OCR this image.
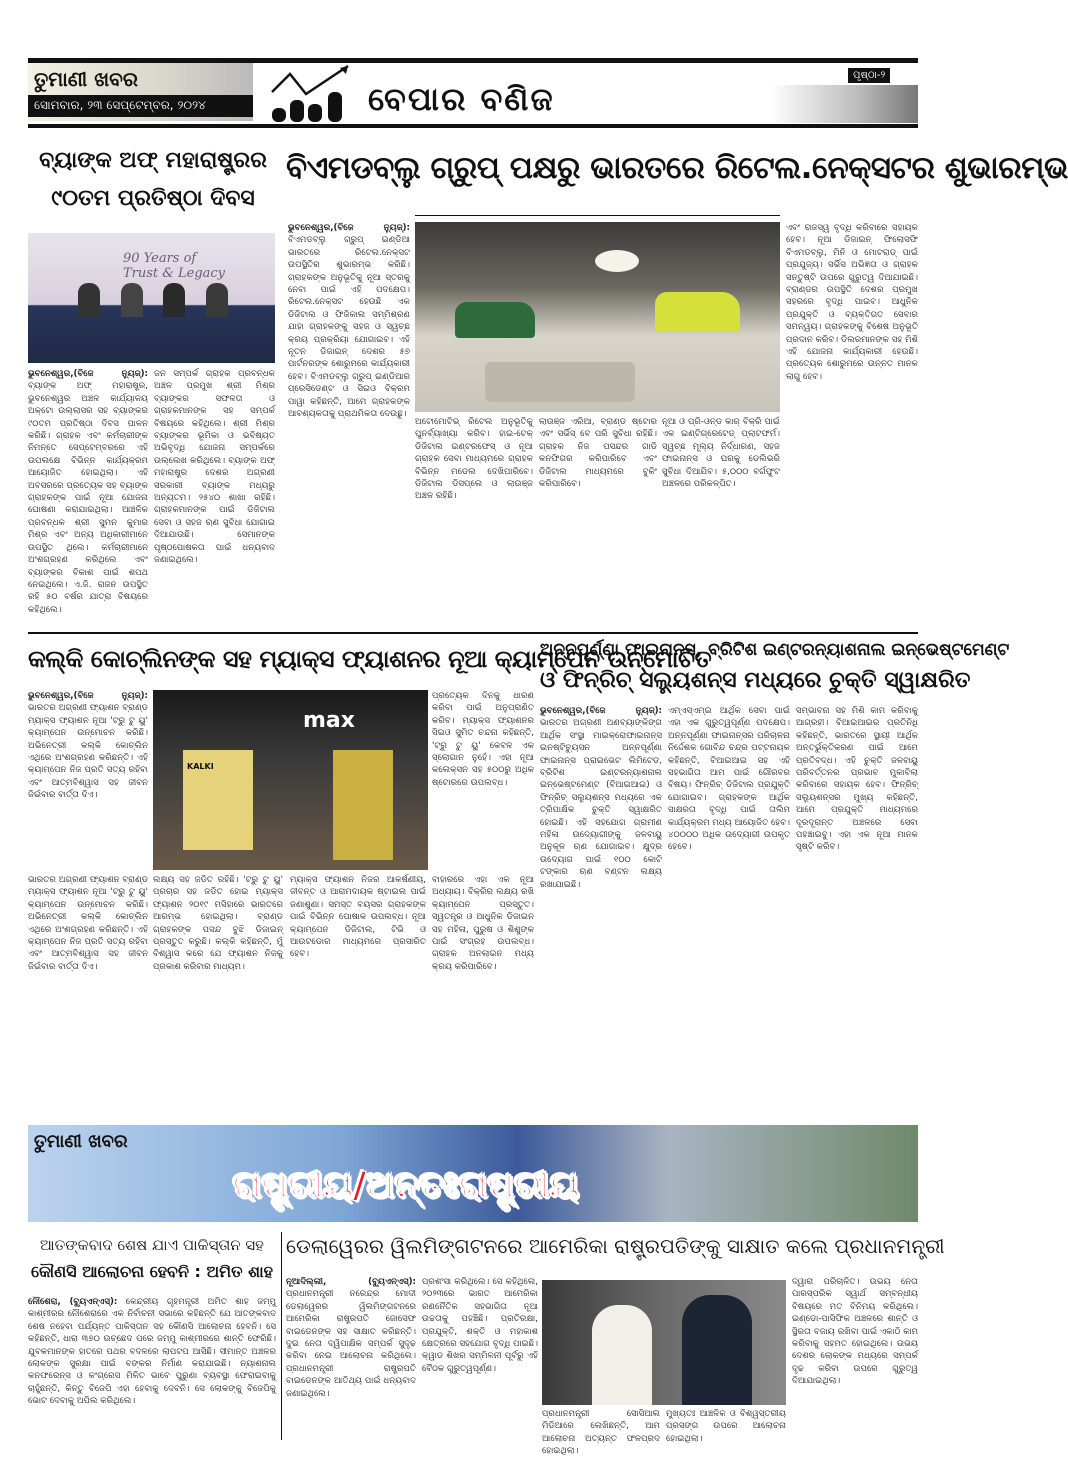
ତୁମାଣୀ ଖବର
ସୋମବାର, ୨୩ ସେପ୍ଟେମ୍ବର, ୨୦୨୪	ବେପାର ବଣିଜ
ପୃଷ୍ଠା-୨
ବ୍ୟାଙ୍କ ଅଫ୍ ମହାରାଷ୍ଟ୍ରର
୯୦ତମ ପ୍ରତିଷ୍ଠା ଦିବସ
90 Years of Trust & Legacy
ଭୁବନେଶ୍ୱର,(ବିଜେ ନ୍ୟୁଜ୍): ବ୍ୟାଙ୍କ ଅଫ୍ ମହାରାଷ୍ଟ୍ର, ଭୁବନେଶ୍ୱର ଅଞ୍ଚଳ କାର୍ଯ୍ୟାଳୟ ଅକ୍ଟୋ ଉଲ୍ଲାସର ସହ ବ୍ୟାଙ୍କର ୯୦ତମ ପ୍ରତିଷ୍ଠା ଦିବସ ପାଳନ କରିଛି। ଗ୍ରାହକ ଏବଂ କର୍ମଚାରୀଙ୍କ ନିମନ୍ତେ ସେପ୍ଟେମ୍ବରରେ ଏହି ଉପଲକ୍ଷେ ବିଭିନ୍ନ କାର୍ଯ୍ୟକ୍ରମ ଆୟୋଜିତ ହୋଇଥିଲା। ଏହି ଅବସରରେ ପ୍ରତ୍ୟେକ ସହ ବ୍ୟାଙ୍କ ଗ୍ରାହକଙ୍କ ପାଇଁ ନୂଆ ଯୋଜନା ଘୋଷଣା କରାଯାଇଥିଲା। ଆଞ୍ଚଳିକ ପ୍ରବନ୍ଧକ ଶ୍ରୀ ସୁମନ କୁମାର ମିଶ୍ର ଏବଂ ଅନ୍ୟ ଅଧିକାରୀମାନେ ଉପସ୍ଥିତ ଥିଲେ। କର୍ମଚାରୀମାନେ ଅଂଶଗ୍ରହଣ କରିଥିଲେ ଏବଂ ବ୍ୟାଙ୍କର ବିକାଶ ପାଇଁ ଶପଥ ନେଇଥିଲେ। ଏ.ଜି. ରାଜନ ଉପସ୍ଥିତ ରହି ୫୦ ବର୍ଷର ଯାତ୍ରା ବିଷୟରେ କହିଥିଲେ।
ଜନ ସମ୍ପର୍କ ଗ୍ରାହକ ପ୍ରବନ୍ଧକ ଅଞ୍ଚଳ ପ୍ରମୁଖ ଶ୍ରୀ ମିଶ୍ର ବ୍ୟାଙ୍କର ସଫଳତା ଓ ଗ୍ରାହକମାନଙ୍କ ସହ ସମ୍ପର୍କ ବିଷୟରେ କହିଥିଲେ। ଶ୍ରୀ ମିଶ୍ର ବ୍ୟାଙ୍କର ଭୂମିକା ଓ ଭବିଷ୍ୟତ ଅଭିବୃଦ୍ଧି ଯୋଜନା ସମ୍ପର୍କରେ ଉଲ୍ଲେଖ କରିଥିଲେ। ବ୍ୟାଙ୍କ ଅଫ୍ ମହାରାଷ୍ଟ୍ର ଦେଶର ଅଗ୍ରଣୀ ସରକାରୀ ବ୍ୟାଙ୍କ ମଧ୍ୟରୁ ଅନ୍ୟତମ। ୨୫୪୦ ଶାଖା ରହିଛି। ଗ୍ରାହକମାନଙ୍କ ପାଇଁ ଡିଜିଟାଲ ସେବା ଓ ସହଜ ଋଣ ସୁବିଧା ଯୋଗାଇ ଦିଆଯାଉଛି। ସେମାନଙ୍କ ପୃଷ୍ଠପୋଷକତା ପାଇଁ ଧନ୍ୟବାଦ ଜଣାଇଥିଲେ।
ବିଏମଡବ୍ଲୁ ଗ୍ରୁପ୍ ପକ୍ଷରୁ ଭାରତରେ ରିଟେଲ.ନେକ୍ସଟର ଶୁଭାରମ୍ଭ
ଭୁବନେଶ୍ୱର,(ବିଜେ ନ୍ୟୁଜ୍): ବିଏମଡବ୍ଲୁ ଗ୍ରୁପ୍ ଇଣ୍ଡିଆ ଭାରତରେ ରିଟେଲ.ନେକ୍ସଟ ଉପସ୍ଥିତିର ଶୁଭାରମ୍ଭ କରିଛି। ଗ୍ରାହକଙ୍କ ଅନୁଭୂତିକୁ ନୂଆ ସ୍ତରକୁ ନେବା ପାଇଁ ଏହି ପଦକ୍ଷେପ। ରିଟେଲ.ନେକ୍ସଟ ହେଉଛି ଏକ ଡିଜିଟାଲ ଓ ଫିଜିକାଲ ସମ୍ମିଶ୍ରଣ ଯାହା ଗ୍ରାହକଙ୍କୁ ସହଜ ଓ ସ୍ୱଚ୍ଛ କ୍ରୟ ପ୍ରକ୍ରିୟା ଯୋଗାଇବ। ଏହି ନୂତନ ଡିଜାଇନ୍ ଦେଶର ୫୭ ପାର୍ଟନରଙ୍କ ଶୋରୁମରେ କାର୍ଯ୍ୟକାରୀ ହେବ। ବିଏମଡବ୍ଲୁ ଗ୍ରୁପ୍ ଇଣ୍ଡିଆର ପ୍ରେସିଡେଣ୍ଟ ଓ ସିଇଓ ବିକ୍ରମ ପାୱା କହିଛନ୍ତି, ଆମେ ଗ୍ରାହକଙ୍କ ଆବଶ୍ୟକତାକୁ ପ୍ରାଥମିକତା ଦେଉଛୁ।
ଅଟୋମୋଟିଭ୍ ରିଟେଲ ଅନୁଭୂତିକୁ ପୁନର୍ବ୍ୟାଖ୍ୟା କରିବ। ହାଇ-ଟେକ୍ ଡିଜିଟାଲ ଇଣ୍ଟରଫେସ୍ ଓ ନୂଆ ଗ୍ରାହକ ସେବା ମାଧ୍ୟମରେ ଗ୍ରାହକ ବିଭିନ୍ନ ମଡେଲ ଦେଖିପାରିବେ। ଡିଜିଟାଲ ଡିସପ୍ଲେ ଓ ଲାଉଞ୍ଜ ଅଞ୍ଚଳ ରହିଛି।
ଲାଉଞ୍ଜ ଏରିଆ, ବ୍ରାଣ୍ଡ ଷ୍ଟୋର ଏବଂ ସର୍ଭିସ୍ ବେ ପରି ସୁବିଧା ରହିଛି। ଗ୍ରାହକ ନିଜ ପସନ୍ଦର ଗାଡି କନଫିଗର କରିପାରିବେ ଏବଂ ଡିଜିଟାଲ ମାଧ୍ୟମରେ ବୁକିଂ କରିପାରିବେ।
ନୂଆ ଓ ପ୍ରି-ଓନ୍ଡ କାର୍ ବିକ୍ରି ପାଇଁ ଏକ ଇଣ୍ଟିଗ୍ରେଟେଡ୍ ପ୍ଲାଟଫର୍ମ। ସ୍ୱଚ୍ଛ ମୂଲ୍ୟ ନିର୍ଦ୍ଧାରଣ, ସହଜ ଫାଇନାନ୍ସ ଓ ଘରକୁ ଡେଲିଭରି ସୁବିଧା ଦିଆଯିବ। ୫,୦୦୦ ବର୍ଗଫୁଟ ଅଞ୍ଚଳରେ ପରିକଳ୍ପିତ।
ଏବଂ ରାଜସ୍ୱ ବୃଦ୍ଧି କରିବାରେ ସହାୟକ ହେବ। ନୂଆ ଡିଜାଇନ୍ ଫିଲୋସଫି ବିଏମଡବ୍ଲୁ, ମିନି ଓ ମୋଟରାଡ୍ ପାଇଁ ପ୍ରଯୁଜ୍ୟ। ସର୍ଭିସ ଅଭିଜ୍ଞତା ଓ ଗ୍ରାହକ ସନ୍ତୁଷ୍ଟି ଉପରେ ଗୁରୁତ୍ୱ ଦିଆଯାଇଛି। ବ୍ରାଣ୍ଡର ଉପସ୍ଥିତି ଦେଶର ପ୍ରମୁଖ ସହରରେ ବୃଦ୍ଧି ପାଇବ। ଆଧୁନିକ ପ୍ରଯୁକ୍ତି ଓ ବ୍ୟକ୍ତିଗତ ସେବାର ସମନ୍ୱୟ। ଗ୍ରାହକଙ୍କୁ ବିଶେଷ ଅନୁଭୂତି ପ୍ରଦାନ କରିବ। ଡିଲରମାନଙ୍କ ସହ ମିଶି ଏହି ଯୋଜନା କାର୍ଯ୍ୟକାରୀ ହେଉଛି। ପ୍ରତ୍ୟେକ ଶୋରୁମରେ ଉନ୍ନତ ମାନକ ଲାଗୁ ହେବ।
କଲ୍କି କୋଚ୍‌ଲିନଙ୍କ ସହ ମ୍ୟାକ୍ସ ଫ୍ୟାଶନର ନୂଆ କ୍ୟାମ୍ପେନ ଉନ୍ମୋଚିତ
ଭୁବନେଶ୍ୱର,(ବିଜେ ନ୍ୟୁଜ୍): ଭାରତର ଅଗ୍ରଣୀ ଫ୍ୟାଶନ ବ୍ରାଣ୍ଡ ମ୍ୟାକ୍ସ ଫ୍ୟାଶନ ନୂଆ 'ଟ୍ରୁ ଟୁ ୟୁ' କ୍ୟାମ୍ପେନ ଉନ୍ମୋଚନ କରିଛି। ଅଭିନେତ୍ରୀ କଲ୍କି କୋଚ୍‌ଲିନ ଏଥିରେ ଅଂଶଗ୍ରହଣ କରିଛନ୍ତି। ଏହି କ୍ୟାମ୍ପେନ ନିଜ ପ୍ରତି ସତ୍ୟ ରହିବା ଏବଂ ଆତ୍ମବିଶ୍ୱାସ ସହ ଜୀବନ ଜିଇଁବାର ବାର୍ତ୍ତା ଦିଏ।
max
KALKI
ପ୍ରତ୍ୟେକ ଦିନକୁ ଧାରଣ କରିବା ପାଇଁ ଅନୁପ୍ରାଣିତ କରିବ। ମ୍ୟାକ୍ସ ଫ୍ୟାଶନର ସିଇଓ ସୁମିତ ଚନ୍ଦନା କହିଛନ୍ତି, 'ଟ୍ରୁ ଟୁ ୟୁ' କେବଳ ଏକ ସ୍ଲୋଗାନ ନୁହେଁ। ଏହା ନୂଆ କଲେକ୍ସନ ସହ ୫୦୦ରୁ ଅଧିକ ଷ୍ଟୋରରେ ଉପଲବ୍ଧ।
ଭାରତର ଅଗ୍ରଣୀ ଫ୍ୟାଶନ ବ୍ରାଣ୍ଡ ମ୍ୟାକ୍ସ ଫ୍ୟାଶନ ନୂଆ 'ଟ୍ରୁ ଟୁ ୟୁ' କ୍ୟାମ୍ପେନ ଉନ୍ମୋଚନ କରିଛି। ଅଭିନେତ୍ରୀ କଲ୍କି କୋଚ୍‌ଲିନ ଏଥିରେ ଅଂଶଗ୍ରହଣ କରିଛନ୍ତି। ଏହି କ୍ୟାମ୍ପେନ ନିଜ ପ୍ରତି ସତ୍ୟ ରହିବା ଏବଂ ଆତ୍ମବିଶ୍ୱାସ ସହ ଜୀବନ ଜିଇଁବାର ବାର୍ତ୍ତା ଦିଏ।
ଲକ୍ଷ୍ୟ ସହ ଜଡିତ ରହିଛି। 'ଟ୍ରୁ ଟୁ ୟୁ' ପ୍ରଚାର ସହ ଜଡିତ ହୋଇ ମ୍ୟାକ୍ସ ଫ୍ୟାଶନ ୨୦୧୯ ମସିହାରେ ଭାରତରେ ଆରମ୍ଭ ହୋଇଥିଲା। ବ୍ରାଣ୍ଡ ଗ୍ରାହକଙ୍କ ପସନ୍ଦ ବୁଝି ଡିଜାଇନ୍ ପ୍ରସ୍ତୁତ କରୁଛି। କଲ୍କି କହିଛନ୍ତି, ମୁଁ ବିଶ୍ୱାସ କରେ ଯେ ଫ୍ୟାଶନ ନିଜକୁ ପ୍ରକାଶ କରିବାର ମାଧ୍ୟମ।
ମ୍ୟାକ୍ସ ଫ୍ୟାଶନ ନିଜର ଆକର୍ଷଣୀୟ, ଜୀବନ୍ତ ଓ ଆରାମଦାୟକ ଷ୍ଟାଇଲ ପାଇଁ ଜଣାଶୁଣା। ସମସ୍ତ ବୟସର ଗ୍ରାହକଙ୍କ ପାଇଁ ବିଭିନ୍ନ ପୋଷାକ ଉପଲବ୍ଧ। ନୂଆ କ୍ୟାମ୍ପେନ ଡିଜିଟାଲ, ଟିଭି ଓ ଆଉଟଡୋର ମାଧ୍ୟମରେ ପ୍ରସାରିତ ହେବ।
ବାହାରରେ ଏହା ଏକ ନୂଆ ଅଧ୍ୟାୟ। ବିକ୍ରିର ଲକ୍ଷ୍ୟ ରଖି କ୍ୟାମ୍ପେନ ପ୍ରସ୍ତୁତ। ସ୍ୱତନ୍ତ୍ର ଓ ଆଧୁନିକ ଡିଜାଇନ ସହ ମହିଳା, ପୁରୁଷ ଓ ଶିଶୁଙ୍କ ପାଇଁ ସଂଗ୍ରହ ଉପଲବ୍ଧ। ଗ୍ରାହକ ଅନଲାଇନ ମଧ୍ୟ କ୍ରୟ କରିପାରିବେ।
ଅନ୍ନପୂର୍ଣ୍ଣା ଫାଇନାନ୍ସ, ବ୍ରିଟିଶ ଇଣ୍ଟରନ୍ୟାଶନାଲ ଇନ୍‌ଭେଷ୍ଟମେଣ୍ଟ
ଓ ଫିନ୍‌ରିଚ୍ ସଲ୍ୟୁଶନ୍ସ ମଧ୍ୟରେ ଚୁକ୍ତି ସ୍ୱାକ୍ଷରିତ
ଭୁବନେଶ୍ୱର,(ବିଜେ ନ୍ୟୁଜ୍): ଭାରତର ଅଗ୍ରଣୀ ଅଣବ୍ୟାଙ୍କିଙ୍ଗ ଆର୍ଥିକ ସଂସ୍ଥା ମାଇକ୍ରୋଫାଇନାନ୍ସ ଇନଷ୍ଟିଚ୍ୟୁସନ ଅନ୍ନପୂର୍ଣ୍ଣା ଫାଇନାନ୍ସ ପ୍ରାଇଭେଟ ଲିମିଟେଡ, ବ୍ରିଟିଶ ଇଣ୍ଟରନ୍ୟାଶନାଲ ଇନ୍‌ଭେଷ୍ଟମେଣ୍ଟ (ବିଆଇଆଇ) ଓ ଫିନ୍‌ରିଚ୍ ସଲ୍ୟୁଶନ୍ସ ମଧ୍ୟରେ ଏକ ତ୍ରିପାକ୍ଷିକ ଚୁକ୍ତି ସ୍ୱାକ୍ଷରିତ ହୋଇଛି। ଏହି ସହଯୋଗ ଗ୍ରାମୀଣ ମହିଳା ଉଦ୍ୟୋଗୀଙ୍କୁ ଜଳବାୟୁ ଅନୁକୂଳ ଋଣ ଯୋଗାଇବ। କ୍ଷୁଦ୍ର ଉଦ୍ୟୋଗ ପାଇଁ ୧୦୦ କୋଟି ଟଙ୍କାର ଋଣ ବଣ୍ଟନ ଲକ୍ଷ୍ୟ ରଖାଯାଇଛି।
ଏମ୍‌ଏସ୍‌ଏମ୍‌ଇ ଆର୍ଥିକ ସେବା ପାଇଁ ଏହା ଏକ ଗୁରୁତ୍ୱପୂର୍ଣ୍ଣ ପଦକ୍ଷେପ। ଅନ୍ନପୂର୍ଣ୍ଣା ଫାଇନାନ୍ସର ପରିଚାଳନା ନିର୍ଦ୍ଦେଶକ ଗୋବିନ୍ଦ ଚନ୍ଦ୍ର ପଟ୍ଟନାୟକ କହିଛନ୍ତି, ବିଆଇଆଇ ସହ ଏହି ସହଭାଗିତା ଆମ ପାଇଁ ଗୌରବର ବିଷୟ। ଫିନ୍‌ରିଚ୍ ଡିଜିଟାଲ ପ୍ରଯୁକ୍ତି ଯୋଗାଇବ। ଗ୍ରାହକଙ୍କ ଆର୍ଥିକ ସାକ୍ଷରତା ବୃଦ୍ଧି ପାଇଁ ତାଲିମ କାର୍ଯ୍ୟକ୍ରମ ମଧ୍ୟ ଆୟୋଜିତ ହେବ। ୪୦୦୦୦ ଅଧିକ ଉଦ୍ୟୋଗୀ ଉପକୃତ ହେବେ।
ସମ୍ଭାବନା ସହ ମିଶି କାମ କରିବାକୁ ଆଗ୍ରହୀ। ବିଆଇଆଇର ପ୍ରତିନିଧି କହିଛନ୍ତି, ଭାରତରେ ସ୍ଥାୟୀ ଆର୍ଥିକ ଅନ୍ତର୍ଭୁକ୍ତିକରଣ ପାଇଁ ଆମେ ପ୍ରତିବଦ୍ଧ। ଏହି ଚୁକ୍ତି ଜଳବାୟୁ ପରିବର୍ତ୍ତନର ପ୍ରଭାବ ମୁକାବିଲା କରିବାରେ ସହାୟକ ହେବ। ଫିନ୍‌ରିଚ୍ ସଲ୍ୟୁଶନ୍ସର ମୁଖ୍ୟ କହିଛନ୍ତି, ଆମେ ପ୍ରଯୁକ୍ତି ମାଧ୍ୟମରେ ଦୂରଦୂରାନ୍ତ ଅଞ୍ଚଳରେ ସେବା ପହଞ୍ଚାଇବୁ। ଏହା ଏକ ନୂଆ ମାନକ ସୃଷ୍ଟି କରିବ।
ତୁମାଣୀ ଖବର
ରାଷ୍ଟ୍ରୀୟ/ଅନ୍ତଃରାଷ୍ଟ୍ରୀୟ
ଆତଙ୍କବାଦ ଶେଷ ଯାଏ ପାକିସ୍ତାନ ସହ
କୌଣସି ଆଲୋଚନା ହେବନି : ଅମିତ ଶାହ
ନୌଶେରା, (ବ୍ୟୁଏନ୍‌ଏସ୍): କେନ୍ଦ୍ରୀୟ ଗୃହମନ୍ତ୍ରୀ ଅମିତ ଶାହ ଜମ୍ମୁ କାଶ୍ମୀରର ନୌଶେରାରେ ଏକ ନିର୍ବାଚନୀ ସଭାରେ କହିଛନ୍ତି ଯେ ଆତଙ୍କବାଦ ଶେଷ ନହେବା ପର୍ଯ୍ୟନ୍ତ ପାକିସ୍ତାନ ସହ କୌଣସି ଆଲୋଚନା ହେବନି। ସେ କହିଛନ୍ତି, ଧାରା ୩୭୦ ଉଚ୍ଛେଦ ପରେ ଜମ୍ମୁ କାଶ୍ମୀରରେ ଶାନ୍ତି ଫେରିଛି। ଯୁବକମାନଙ୍କ ହାତରେ ପଥର ବଦଳରେ ଲାପଟପ ଆସିଛି। ସୀମାନ୍ତ ଅଞ୍ଚଳର ଲୋକଙ୍କ ସୁରକ୍ଷା ପାଇଁ ବଙ୍କର ନିର୍ମାଣ କରାଯାଇଛି। ନ୍ୟାଶନାଲ କନଫରେନ୍ସ ଓ କଂଗ୍ରେସ ମିଳିତ ଭାବେ ପୁରୁଣା ବ୍ୟବସ୍ଥା ଫେରାଇବାକୁ ଚାହୁଁଛନ୍ତି, କିନ୍ତୁ ବିଜେପି ଏହା ହେବାକୁ ଦେବନି। ସେ ଲୋକଙ୍କୁ ବିଜେପିକୁ ଭୋଟ ଦେବାକୁ ଅପିଲ କରିଥିଲେ।
ଡେଲାୱେରର ୱିଲମିଙ୍ଗଟନରେ ଆମେରିକା ରାଷ୍ଟ୍ରପତିଙ୍କୁ ସାକ୍ଷାତ କଲେ ପ୍ରଧାନମନ୍ତ୍ରୀ
ନୂଆଦିଲ୍ଲୀ, (ବ୍ୟୁଏନ୍‌ଏସ୍): ପ୍ରଧାନମନ୍ତ୍ରୀ ନରେନ୍ଦ୍ର ମୋଦୀ ଡେଲାୱେରର ୱିଲମିଙ୍ଗଟନରେ ଆମେରିକା ରାଷ୍ଟ୍ରପତି ଜୋସେଫ ବାଇଡେନଙ୍କ ସହ ସାକ୍ଷାତ କରିଛନ୍ତି। ଦୁଇ ନେତା ଦ୍ୱିପାକ୍ଷିକ ସମ୍ପର୍କ ସୁଦୃଢ କରିବା ନେଇ ଆଲୋଚନା କରିଥିଲେ। ପ୍ରଧାନମନ୍ତ୍ରୀ ରାଷ୍ଟ୍ରପତି ବାଇଡେନଙ୍କ ଆତିଥ୍ୟ ପାଇଁ ଧନ୍ୟବାଦ ଜଣାଇଥିଲେ।
ପ୍ରଶଂସା କରିଥିଲେ। ସେ କହିଥିଲେ, ୨୦୨୩ରେ ଭାରତ ଆମେରିକା ରଣନୈତିକ ସହଭାଗିତା ନୂଆ ଉଚ୍ଚତାକୁ ପହଞ୍ଚିଛି। ପ୍ରତିରକ୍ଷା, ପ୍ରଯୁକ୍ତି, ଶକ୍ତି ଓ ମହାକାଶ କ୍ଷେତ୍ରରେ ସହଯୋଗ ବୃଦ୍ଧି ପାଇଛି। କ୍ୱାଡ ଶିଖର ସମ୍ମିଳନୀ ପୂର୍ବରୁ ଏହି ବୈଠକ ଗୁରୁତ୍ୱପୂର୍ଣ୍ଣ।
ପ୍ରଧାନମନ୍ତ୍ରୀ ସୋସିଆଲ ମିଡିଆରେ ଲେଖିଛନ୍ତି, ଆମ ଆଲୋଚନା ଅତ୍ୟନ୍ତ ଫଳପ୍ରଦ ହୋଇଥିଲା।
ମୁଖ୍ୟତଃ ଆଞ୍ଚଳିକ ଓ ବିଶ୍ୱସ୍ତରୀୟ ପ୍ରସଙ୍ଗ ଉପରେ ଆଲୋଚନା ହୋଇଥିଲା।
ଦ୍ୱାରା ପରିଚାଳିତ। ଉଭୟ ନେତା ପାରସ୍ପରିକ ସ୍ୱାର୍ଥ ସମ୍ବନ୍ଧୀୟ ବିଷୟରେ ମତ ବିନିମୟ କରିଥିଲେ। ଇଣ୍ଡୋ-ପାସିଫିକ ଅଞ୍ଚଳରେ ଶାନ୍ତି ଓ ସ୍ଥିରତା ବଜାୟ ରଖିବା ପାଇଁ ଏକାଠି କାମ କରିବାକୁ ସହମତ ହୋଇଥିଲେ। ଉଭୟ ଦେଶର ଲୋକଙ୍କ ମଧ୍ୟରେ ସମ୍ପର୍କ ଦୃଢ କରିବା ଉପରେ ଗୁରୁତ୍ୱ ଦିଆଯାଇଥିଲା।
